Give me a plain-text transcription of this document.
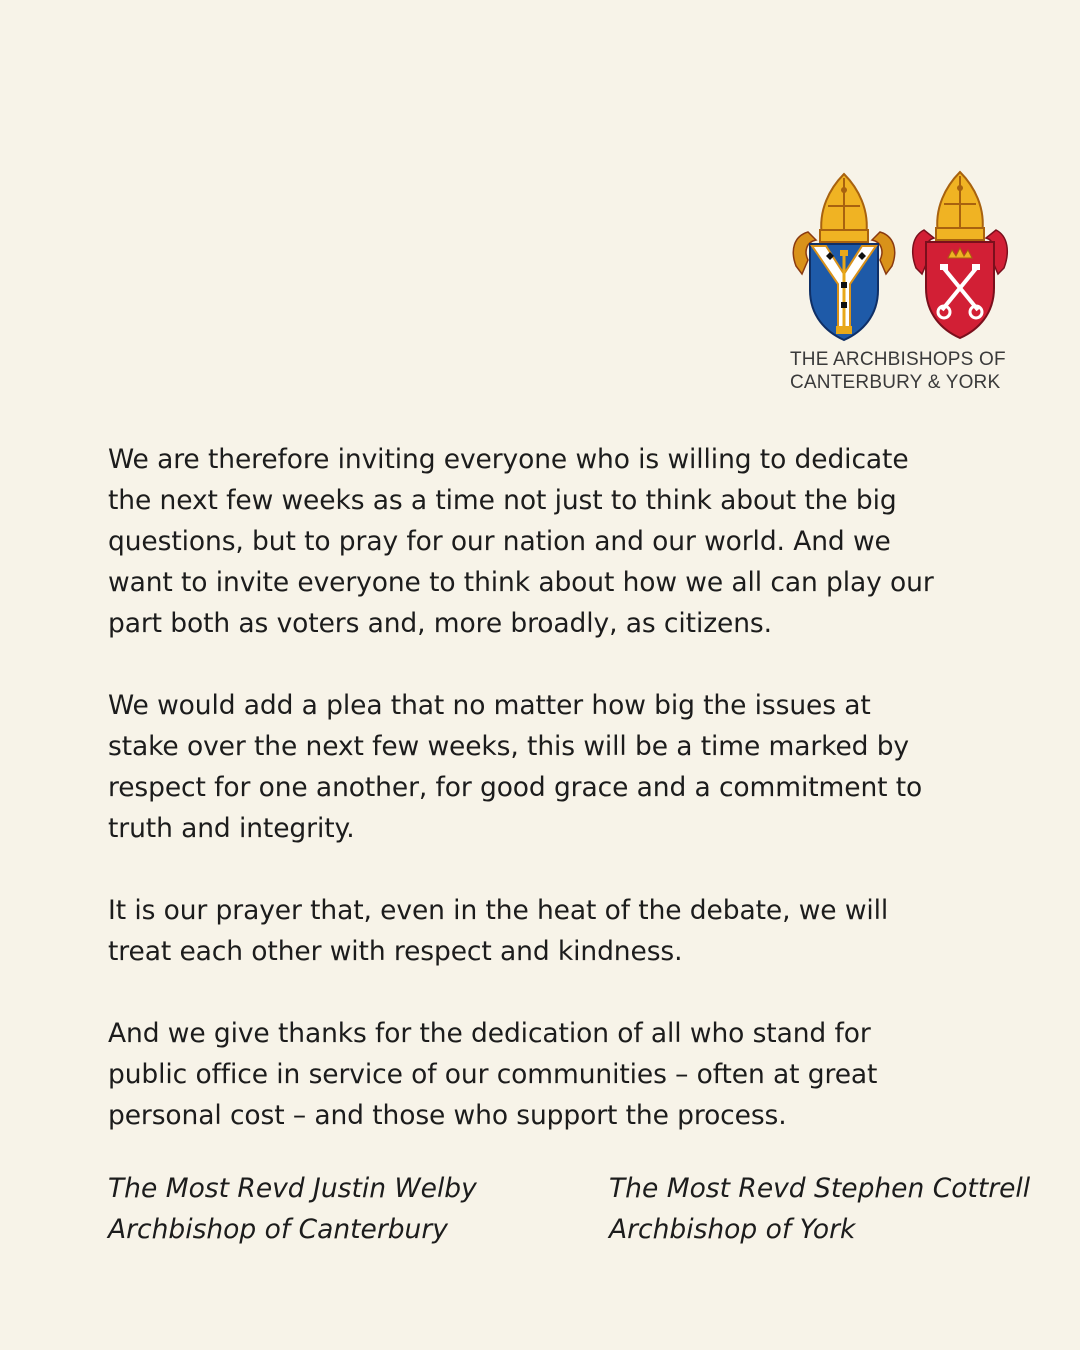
THE ARCHBISHOPS OF
CANTERBURY & YORK

We are therefore inviting everyone who is willing to dedicate
the next few weeks as a time not just to think about the big
questions, but to pray for our nation and our world. And we
want to invite everyone to think about how we all can play our
part both as voters and, more broadly, as citizens.

We would add a plea that no matter how big the issues at
stake over the next few weeks, this will be a time marked by
respect for one another, for good grace and a commitment to
truth and integrity.

It is our prayer that, even in the heat of the debate, we will
treat each other with respect and kindness.

And we give thanks for the dedication of all who stand for
public office in service of our communities – often at great
personal cost – and those who support the process.

The Most Revd Justin Welby
Archbishop of Canterbury
The Most Revd Stephen Cottrell
Archbishop of York
